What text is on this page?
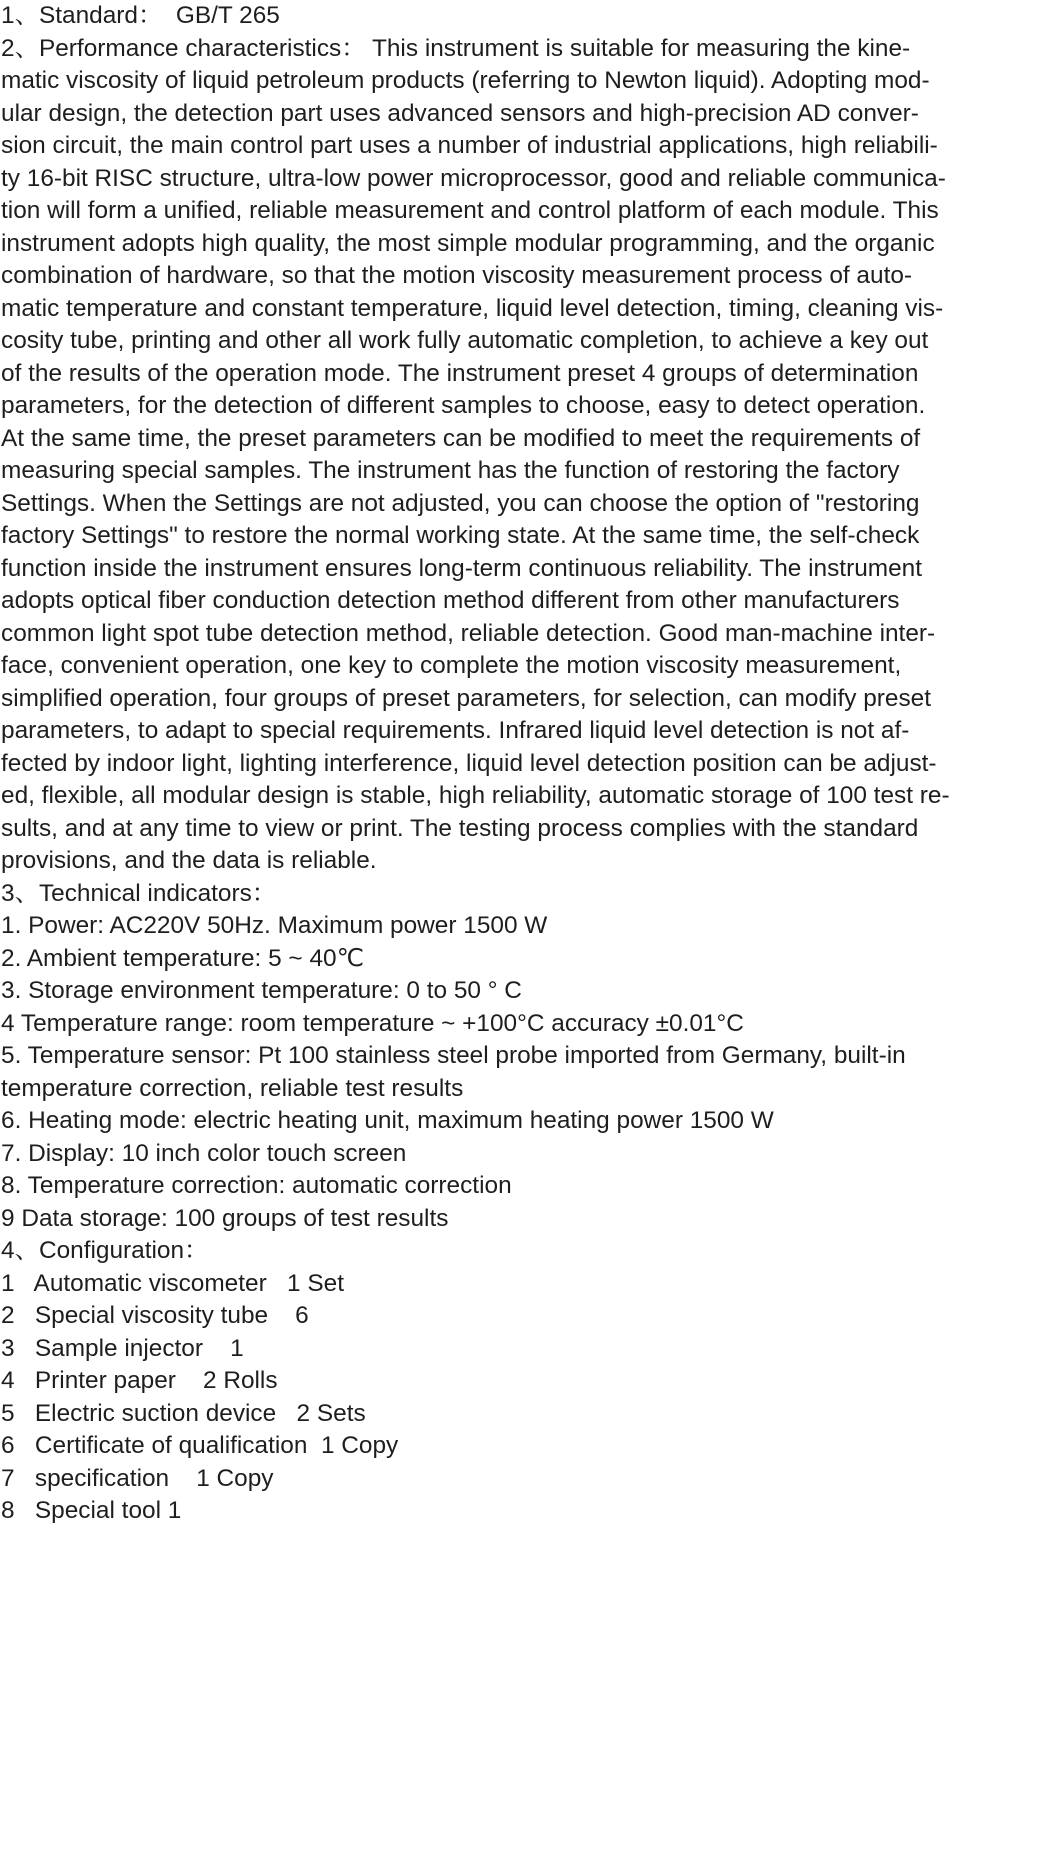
1、Standard： GB/T 265
2、Performance characteristics： This instrument is suitable for measuring the kine-
matic viscosity of liquid petroleum products (referring to Newton liquid). Adopting mod-
ular design, the detection part uses advanced sensors and high-precision AD conver-
sion circuit, the main control part uses a number of industrial applications, high reliabili-
ty 16-bit RISC structure, ultra-low power microprocessor, good and reliable communica-
tion will form a unified, reliable measurement and control platform of each module. This
instrument adopts high quality, the most simple modular programming, and the organic
combination of hardware, so that the motion viscosity measurement process of auto-
matic temperature and constant temperature, liquid level detection, timing, cleaning vis-
cosity tube, printing and other all work fully automatic completion, to achieve a key out
of the results of the operation mode. The instrument preset 4 groups of determination
parameters, for the detection of different samples to choose, easy to detect operation.
At the same time, the preset parameters can be modified to meet the requirements of
measuring special samples. The instrument has the function of restoring the factory
Settings. When the Settings are not adjusted, you can choose the option of "restoring
factory Settings" to restore the normal working state. At the same time, the self-check
function inside the instrument ensures long-term continuous reliability. The instrument
adopts optical fiber conduction detection method different from other manufacturers
common light spot tube detection method, reliable detection. Good man-machine inter-
face, convenient operation, one key to complete the motion viscosity measurement,
simplified operation, four groups of preset parameters, for selection, can modify preset
parameters, to adapt to special requirements. Infrared liquid level detection is not af-
fected by indoor light, lighting interference, liquid level detection position can be adjust-
ed, flexible, all modular design is stable, high reliability, automatic storage of 100 test re-
sults, and at any time to view or print. The testing process complies with the standard
provisions, and the data is reliable.
3、Technical indicators：
1. Power: AC220V 50Hz. Maximum power 1500 W
2. Ambient temperature: 5 ~ 40℃
3. Storage environment temperature: 0 to 50 ° C
4 Temperature range: room temperature ~ +100°C accuracy ±0.01°C
5. Temperature sensor: Pt 100 stainless steel probe imported from Germany, built-in
temperature correction, reliable test results
6. Heating mode: electric heating unit, maximum heating power 1500 W
7. Display: 10 inch color touch screen
8. Temperature correction: automatic correction
9 Data storage: 100 groups of test results
4、Configuration：
1   Automatic viscometer   1 Set
2   Special viscosity tube    6
3   Sample injector    1
4   Printer paper    2 Rolls
5   Electric suction device   2 Sets
6   Certificate of qualification  1 Copy
7   specification    1 Copy
8   Special tool 1
